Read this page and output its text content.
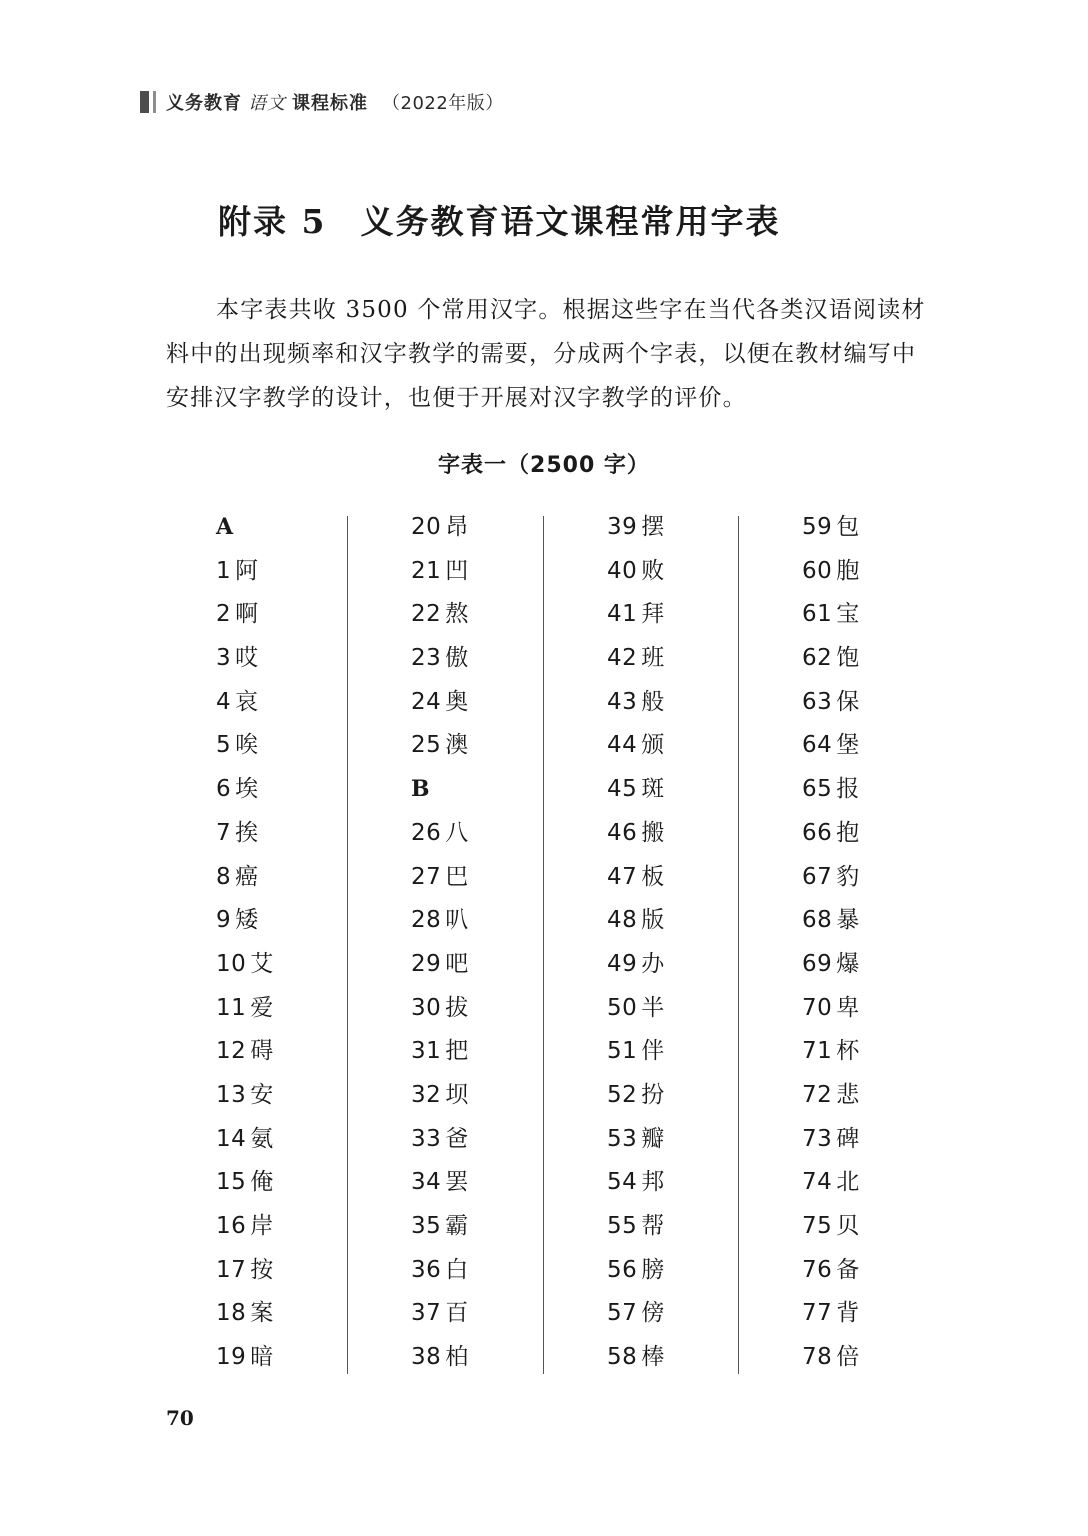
义务教育 语文 课程标准 （2022年版）
附录 5 义务教育语文课程常用字表

本字表共收 3500 个常用汉字。根据这些字在当代各类汉语阅读材料中的出现频率和汉字教学的需要，分成两个字表，以便在教材编写中安排汉字教学的设计，也便于开展对汉字教学的评价。

字表一（2500 字）
A
1 阿
2 啊
3 哎
4 哀
5 唉
6 埃
7 挨
8 癌
9 矮
10 艾
11 爱
12 碍
13 安
14 氨
15 俺
16 岸
17 按
18 案
19 暗
20 昂
21 凹
22 熬
23 傲
24 奥
25 澳
B
26 八
27 巴
28 叭
29 吧
30 拔
31 把
32 坝
33 爸
34 罢
35 霸
36 白
37 百
38 柏
39 摆
40 败
41 拜
42 班
43 般
44 颁
45 斑
46 搬
47 板
48 版
49 办
50 半
51 伴
52 扮
53 瓣
54 邦
55 帮
56 膀
57 傍
58 棒
59 包
60 胞
61 宝
62 饱
63 保
64 堡
65 报
66 抱
67 豹
68 暴
69 爆
70 卑
71 杯
72 悲
73 碑
74 北
75 贝
76 备
77 背
78 倍
70
